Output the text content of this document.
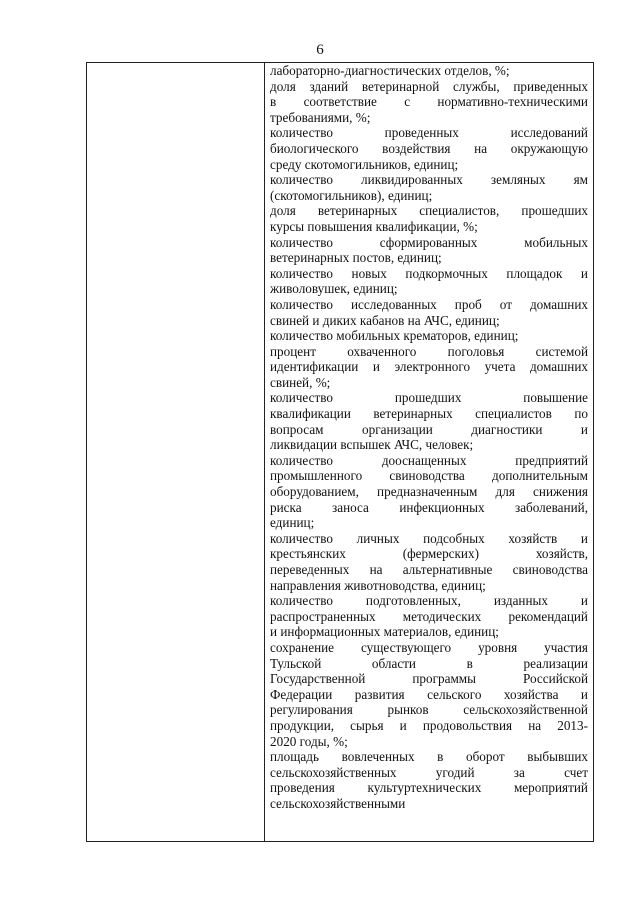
6
лабораторно-диагностических отделов, %;
доля зданий ветеринарной службы, приведенных
в соответствие с нормативно-техническими
требованиями, %;
количество проведенных исследований
биологического воздействия на окружающую
среду скотомогильников, единиц;
количество ликвидированных земляных ям
(скотомогильников), единиц;
доля ветеринарных специалистов, прошедших
курсы повышения квалификации, %;
количество сформированных мобильных
ветеринарных постов, единиц;
количество новых подкормочных площадок и
живоловушек, единиц;
количество исследованных проб от домашних
свиней и диких кабанов на АЧС, единиц;
количество мобильных крематоров, единиц;
процент охваченного поголовья системой
идентификации и электронного учета домашних
свиней, %;
количество прошедших повышение
квалификации ветеринарных специалистов по
вопросам организации диагностики и
ликвидации вспышек АЧС, человек;
количество дооснащенных предприятий
промышленного свиноводства дополнительным
оборудованием, предназначенным для снижения
риска заноса инфекционных заболеваний,
единиц;
количество личных подсобных хозяйств и
крестьянских (фермерских) хозяйств,
переведенных на альтернативные свиноводства
направления животноводства, единиц;
количество подготовленных, изданных и
распространенных методических рекомендаций
и информационных материалов, единиц;
сохранение существующего уровня участия
Тульской области в реализации
Государственной программы Российской
Федерации развития сельского хозяйства и
регулирования рынков сельскохозяйственной
продукции, сырья и продовольствия на 2013-
2020 годы, %;
площадь вовлеченных в оборот выбывших
сельскохозяйственных угодий за счет
проведения культуртехнических мероприятий
сельскохозяйственными
